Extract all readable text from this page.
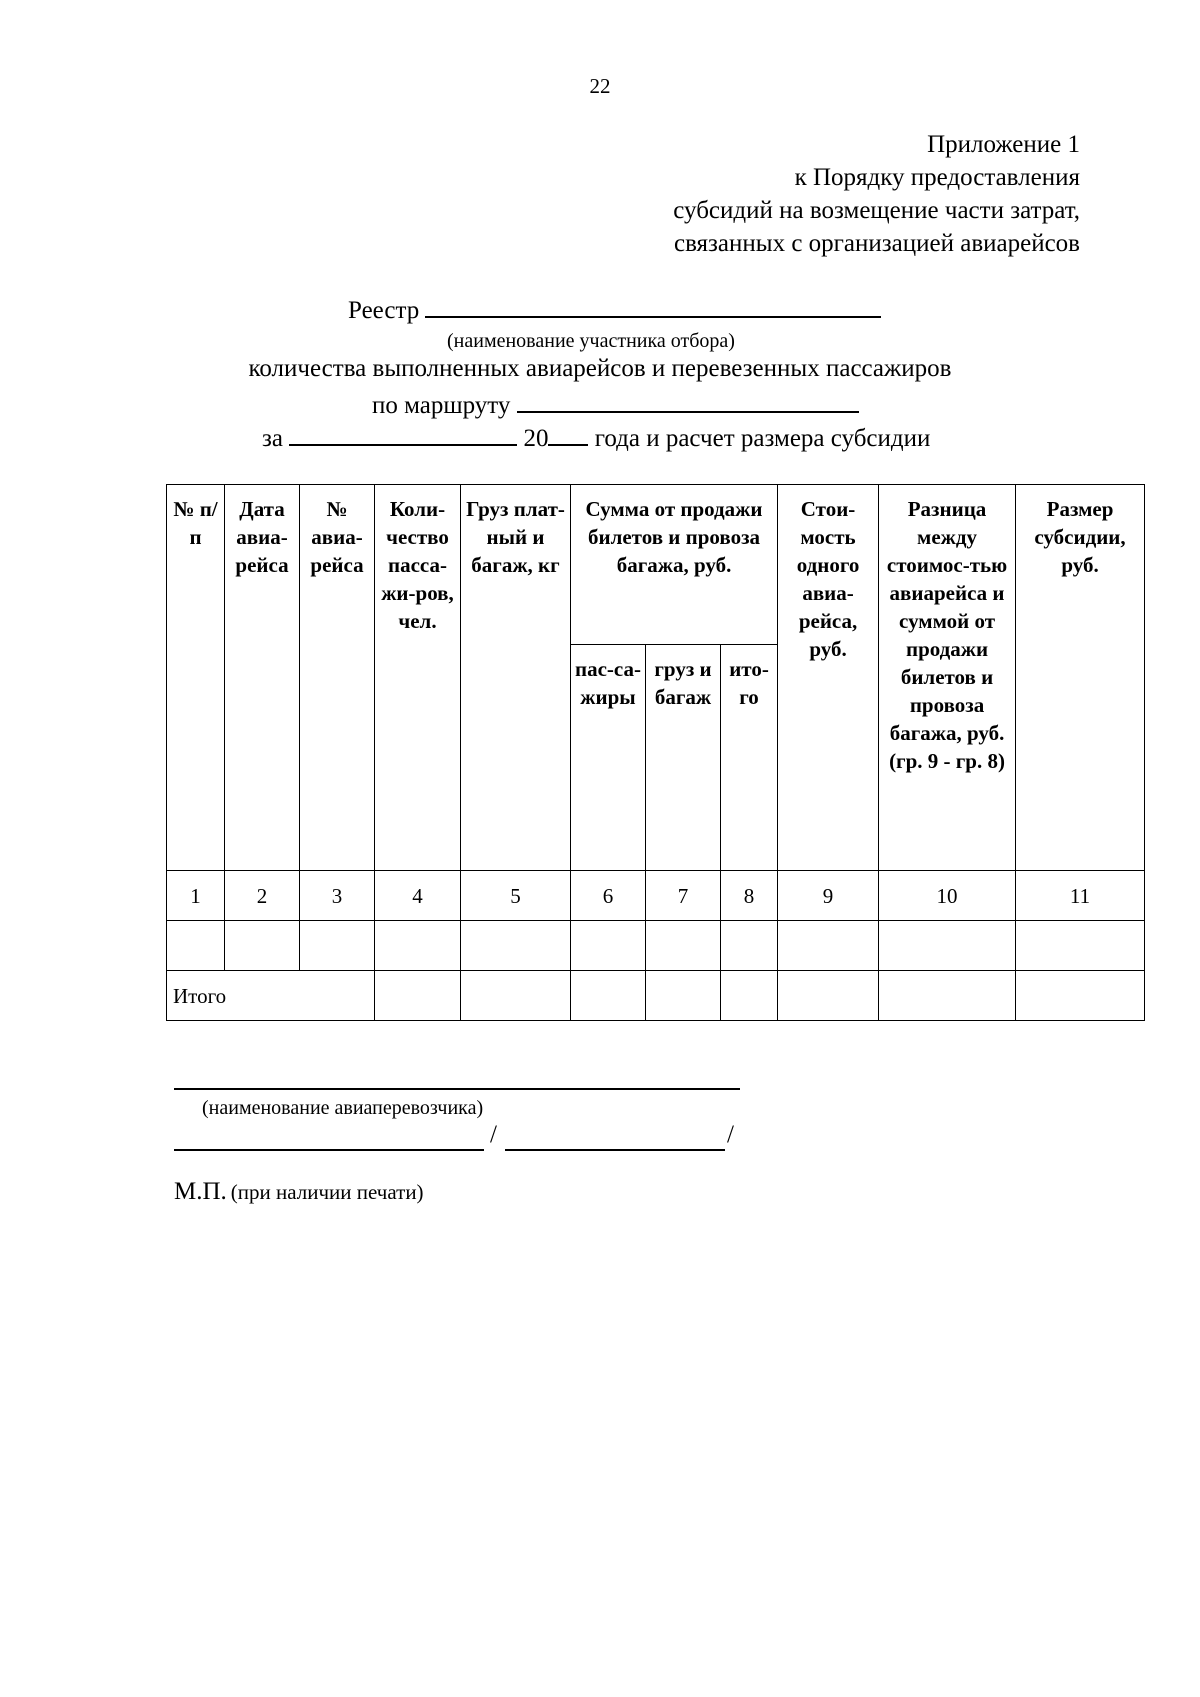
22
Приложение 1
к Порядку предоставления
субсидий на возмещение части затрат,
связанных с организацией авиарейсов
Реестр
(наименование участника отбора)
количества выполненных авиарейсов и перевезенных пассажиров
по маршруту
за	20 года и расчет размера субсидии
№ п/п	Дата авиа-рейса	№ авиа-рейса	Коли-чество пасса-жи-ров, чел.	Груз плат-ный и багаж, кг	Сумма от продажи билетов и провоза багажа, руб.			Стои-мость одного авиа-рейса, руб.	Разница между стоимос-тью авиарейса и суммой от продажи билетов и провоза багажа, руб. (гр. 9 - гр. 8)	Размер субсидии, руб.
					пас-са-жиры	груз и багаж	ито-го			
1	2	3	4	5	6	7	8	9	10	11

Итого										
(наименование авиаперевозчика)
/	/
М.П. (при наличии печати)
